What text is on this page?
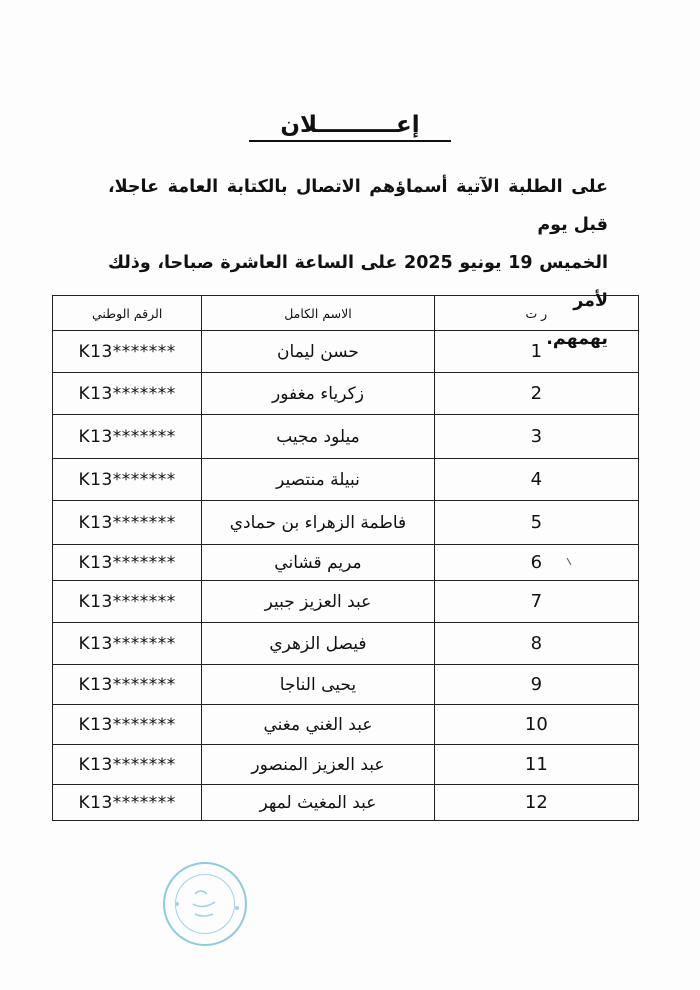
إعــــــــــلان
على الطلبة الآتية أسماؤهم الاتصال بالكتابة العامة عاجلا، قبل يوم
الخميس 19 يونيو 2025 على الساعة العاشرة صباحا، وذلك لأمر
يهمهم.
ر ت	الاسم الكامل	الرقم الوطني
1	حسن ليمان	K13*******
2	زكرياء مغفور	K13*******
3	ميلود مجيب	K13*******
4	نبيلة منتصير	K13*******
5	فاطمة الزهراء بن حمادي	K13*******
6	مريم قشاني	K13*******
7	عبد العزيز جبير	K13*******
8	فيصل الزهري	K13*******
9	يحيى الناجا	K13*******
10	عبد الغني مغني	K13*******
11	عبد العزيز المنصور	K13*******
12	عبد المغيث لمهر	K13*******
